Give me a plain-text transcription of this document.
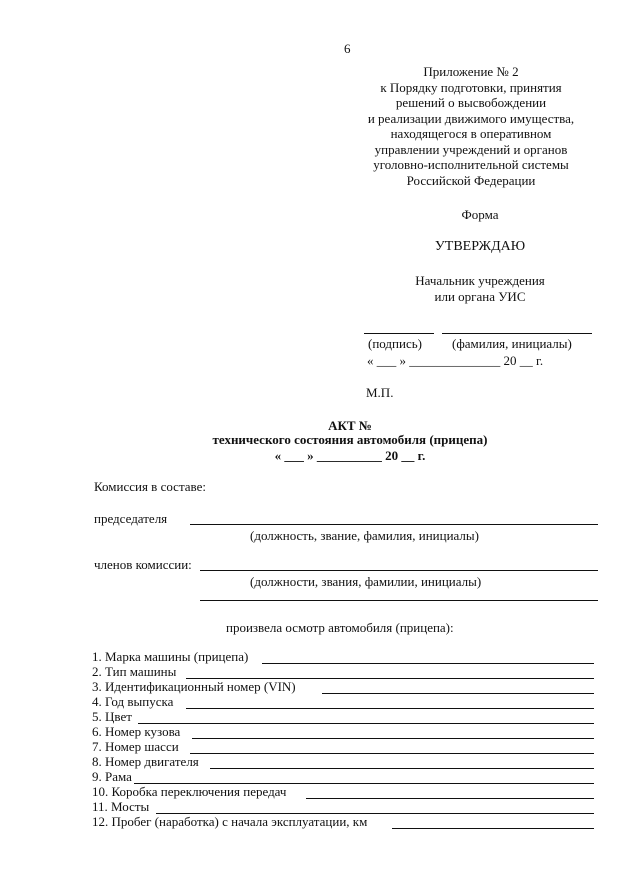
6
Приложение № 2
к Порядку подготовки, принятия
решений о высвобождении
и реализации движимого имущества,
находящегося в оперативном
управлении учреждений и органов
уголовно-исполнительной системы
Российской Федерации
Форма
УТВЕРЖДАЮ
Начальник учреждения
или органа УИС
(подпись) (фамилия, инициалы)
« ___ » ______________ 20 __ г.
М.П.
АКТ №
технического состояния автомобиля (прицепа)
« ___ » __________ 20 __ г.
Комиссия в составе:
председателя
(должность, звание, фамилия, инициалы)
членов комиссии:
(должности, звания, фамилии, инициалы)
произвела осмотр автомобиля (прицепа):
1. Марка машины (прицепа)
2. Тип машины
3. Идентификационный номер (VIN)
4. Год выпуска
5. Цвет
6. Номер кузова
7. Номер шасси
8. Номер двигателя
9. Рама
10. Коробка переключения передач
11. Мосты
12. Пробег (наработка) с начала эксплуатации, км
